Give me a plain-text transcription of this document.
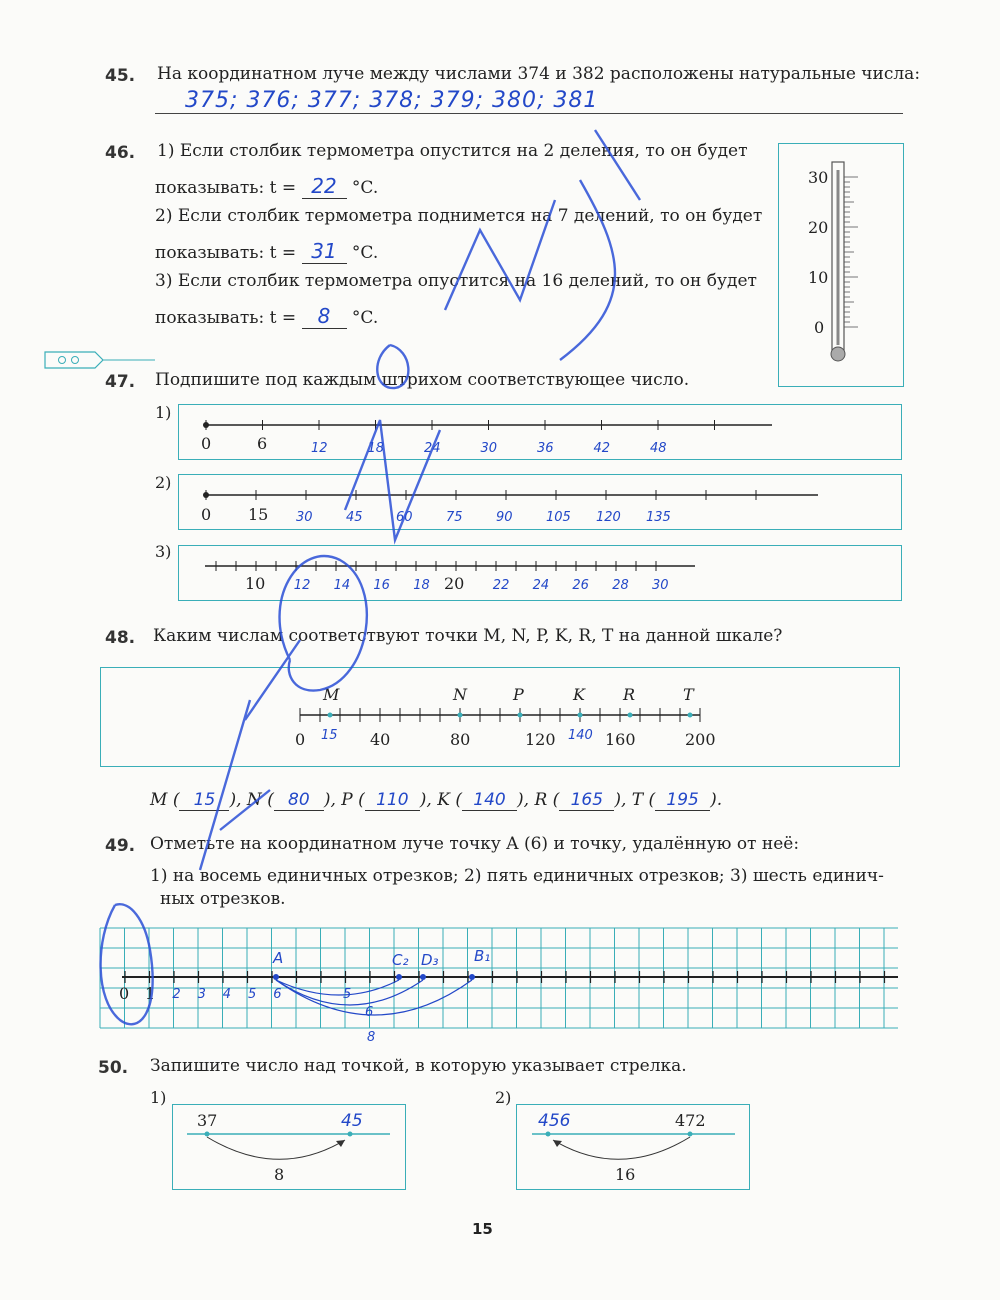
45. На координатном луче между числами 374 и 382 расположены натуральные числа:
375; 376; 377; 378; 379; 380; 381
46. 1) Если столбик термометра опустится на 2 деления, то он будет
показывать: t = 22 °C.
2) Если столбик термометра поднимется на 7 делений, то он будет
показывать: t = 31 °C.
3) Если столбик термометра опустится на 16 делений, то он будет
показывать: t = 8 °C.
30
20
10
0
47. Подпишите под каждым штрихом соответствующее число.
1)
2)
3)
0	6	12	18	24	30	36	42	48
0 15 30	45	60	75	90	105 120 135
10	20
12 14 16 18	22 24 26 28 30
48. Каким числам соответствуют точки M, N, P, K, R, T на данной шкале?
M	N	P	K R	T
0	40	80	120	160	200
15	140
M ( 15 ), N ( 80 ), P ( 110 ), K ( 140 ), R ( 165 ), T ( 195 ).
49. Отметьте на координатном луче точку A (6) и точку, удалённую от неё:
1) на восемь единичных отрезков; 2) пять единичных отрезков; 3) шесть единич-
ных отрезков.
0 1 2 3 4 5 6
A	C₂ D₃ B₁
5
6
8
50. Запишите число над точкой, в которую указывает стрелка.
1)	2)
37	45
8
456	472
16
15
